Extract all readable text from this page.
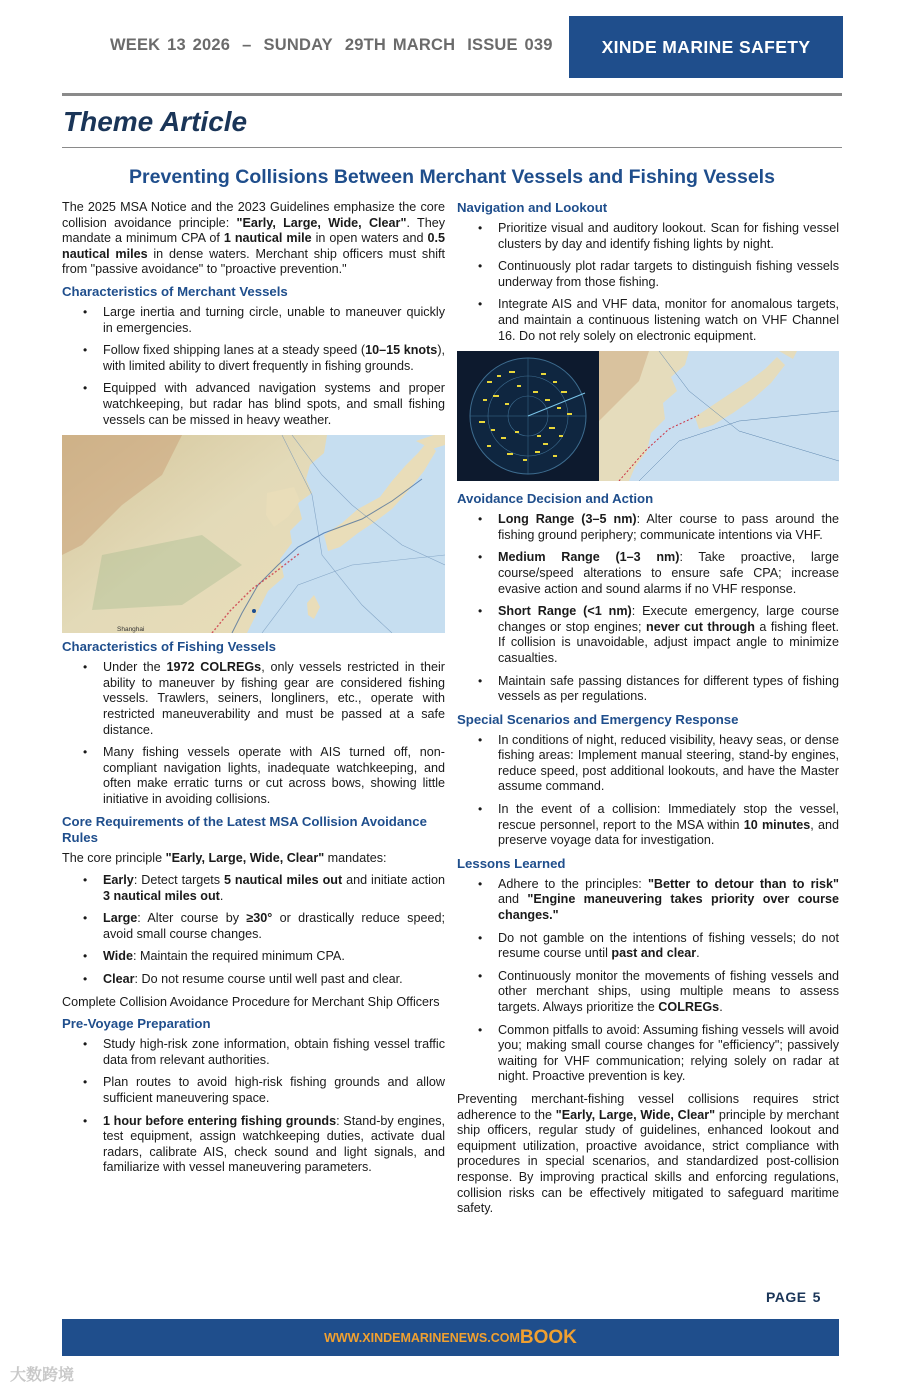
WEEK 13 2026 – SUNDAY 29TH MARCH ISSUE 039	XINDE MARINE SAFETY
Theme Article
Preventing Collisions Between Merchant Vessels and Fishing Vessels

The 2025 MSA Notice and the 2023 Guidelines emphasize the core collision avoidance principle: "Early, Large, Wide, Clear". They mandate a minimum CPA of 1 nautical mile in open waters and 0.5 nautical miles in dense waters. Merchant ship officers must shift from "passive avoidance" to "proactive prevention."

Characteristics of Merchant Vessels
• Large inertia and turning circle, unable to maneuver quickly in emergencies.
• Follow fixed shipping lanes at a steady speed (10–15 knots), with limited ability to divert frequently in fishing grounds.
• Equipped with advanced navigation systems and proper watchkeeping, but radar has blind spots, and small fishing vessels can be missed in heavy weather.
Shanghai
Characteristics of Fishing Vessels
• Under the 1972 COLREGs, only vessels restricted in their ability to maneuver by fishing gear are considered fishing vessels. Trawlers, seiners, longliners, etc., operate with restricted maneuverability and must be passed at a safe distance.
• Many fishing vessels operate with AIS turned off, non-compliant navigation lights, inadequate watchkeeping, and often make erratic turns or cut across bows, showing little initiative in avoiding collisions.
Core Requirements of the Latest MSA Collision Avoidance Rules

The core principle "Early, Large, Wide, Clear" mandates:

• Early: Detect targets 5 nautical miles out and initiate action 3 nautical miles out.
• Large: Alter course by ≥30° or drastically reduce speed; avoid small course changes.
• Wide: Maintain the required minimum CPA.
• Clear: Do not resume course until well past and clear.

Complete Collision Avoidance Procedure for Merchant Ship Officers

Pre-Voyage Preparation
• Study high-risk zone information, obtain fishing vessel traffic data from relevant authorities.
• Plan routes to avoid high-risk fishing grounds and allow sufficient maneuvering space.
• 1 hour before entering fishing grounds: Stand-by engines, test equipment, assign watchkeeping duties, activate dual radars, calibrate AIS, check sound and light signals, and familiarize with vessel maneuvering parameters.
Navigation and Lookout
• Prioritize visual and auditory lookout. Scan for fishing vessel clusters by day and identify fishing lights by night.
• Continuously plot radar targets to distinguish fishing vessels underway from those fishing.
• Integrate AIS and VHF data, monitor for anomalous targets, and maintain a continuous listening watch on VHF Channel 16. Do not rely solely on electronic equipment.
Avoidance Decision and Action
• Long Range (3–5 nm): Alter course to pass around the fishing ground periphery; communicate intentions via VHF.
• Medium Range (1–3 nm): Take proactive, large course/speed alterations to ensure safe CPA; increase evasive action and sound alarms if no VHF response.
• Short Range (<1 nm): Execute emergency, large course changes or stop engines; never cut through a fishing fleet. If collision is unavoidable, adjust impact angle to minimize casualties.
• Maintain safe passing distances for different types of fishing vessels as per regulations.
Special Scenarios and Emergency Response
• In conditions of night, reduced visibility, heavy seas, or dense fishing areas: Implement manual steering, stand-by engines, reduce speed, post additional lookouts, and have the Master assume command.
• In the event of a collision: Immediately stop the vessel, rescue personnel, report to the MSA within 10 minutes, and preserve voyage data for investigation.
Lessons Learned
• Adhere to the principles: "Better to detour than to risk" and "Engine maneuvering takes priority over course changes."
• Do not gamble on the intentions of fishing vessels; do not resume course until past and clear.
• Continuously monitor the movements of fishing vessels and other merchant ships, using multiple means to assess targets. Always prioritize the COLREGs.
• Common pitfalls to avoid: Assuming fishing vessels will avoid you; making small course changes for "efficiency"; passively waiting for VHF communication; relying solely on radar at night. Proactive prevention is key.

Preventing merchant-fishing vessel collisions requires strict adherence to the "Early, Large, Wide, Clear" principle by merchant ship officers, regular study of guidelines, enhanced lookout and equipment utilization, proactive avoidance, strict compliance with procedures in special scenarios, and standardized post-collision response. By improving practical skills and enforcing regulations, collision risks can be effectively mitigated to safeguard maritime safety.

PAGE 5
WWW.XINDEMARINENEWS.COM BOOK
大数跨境
